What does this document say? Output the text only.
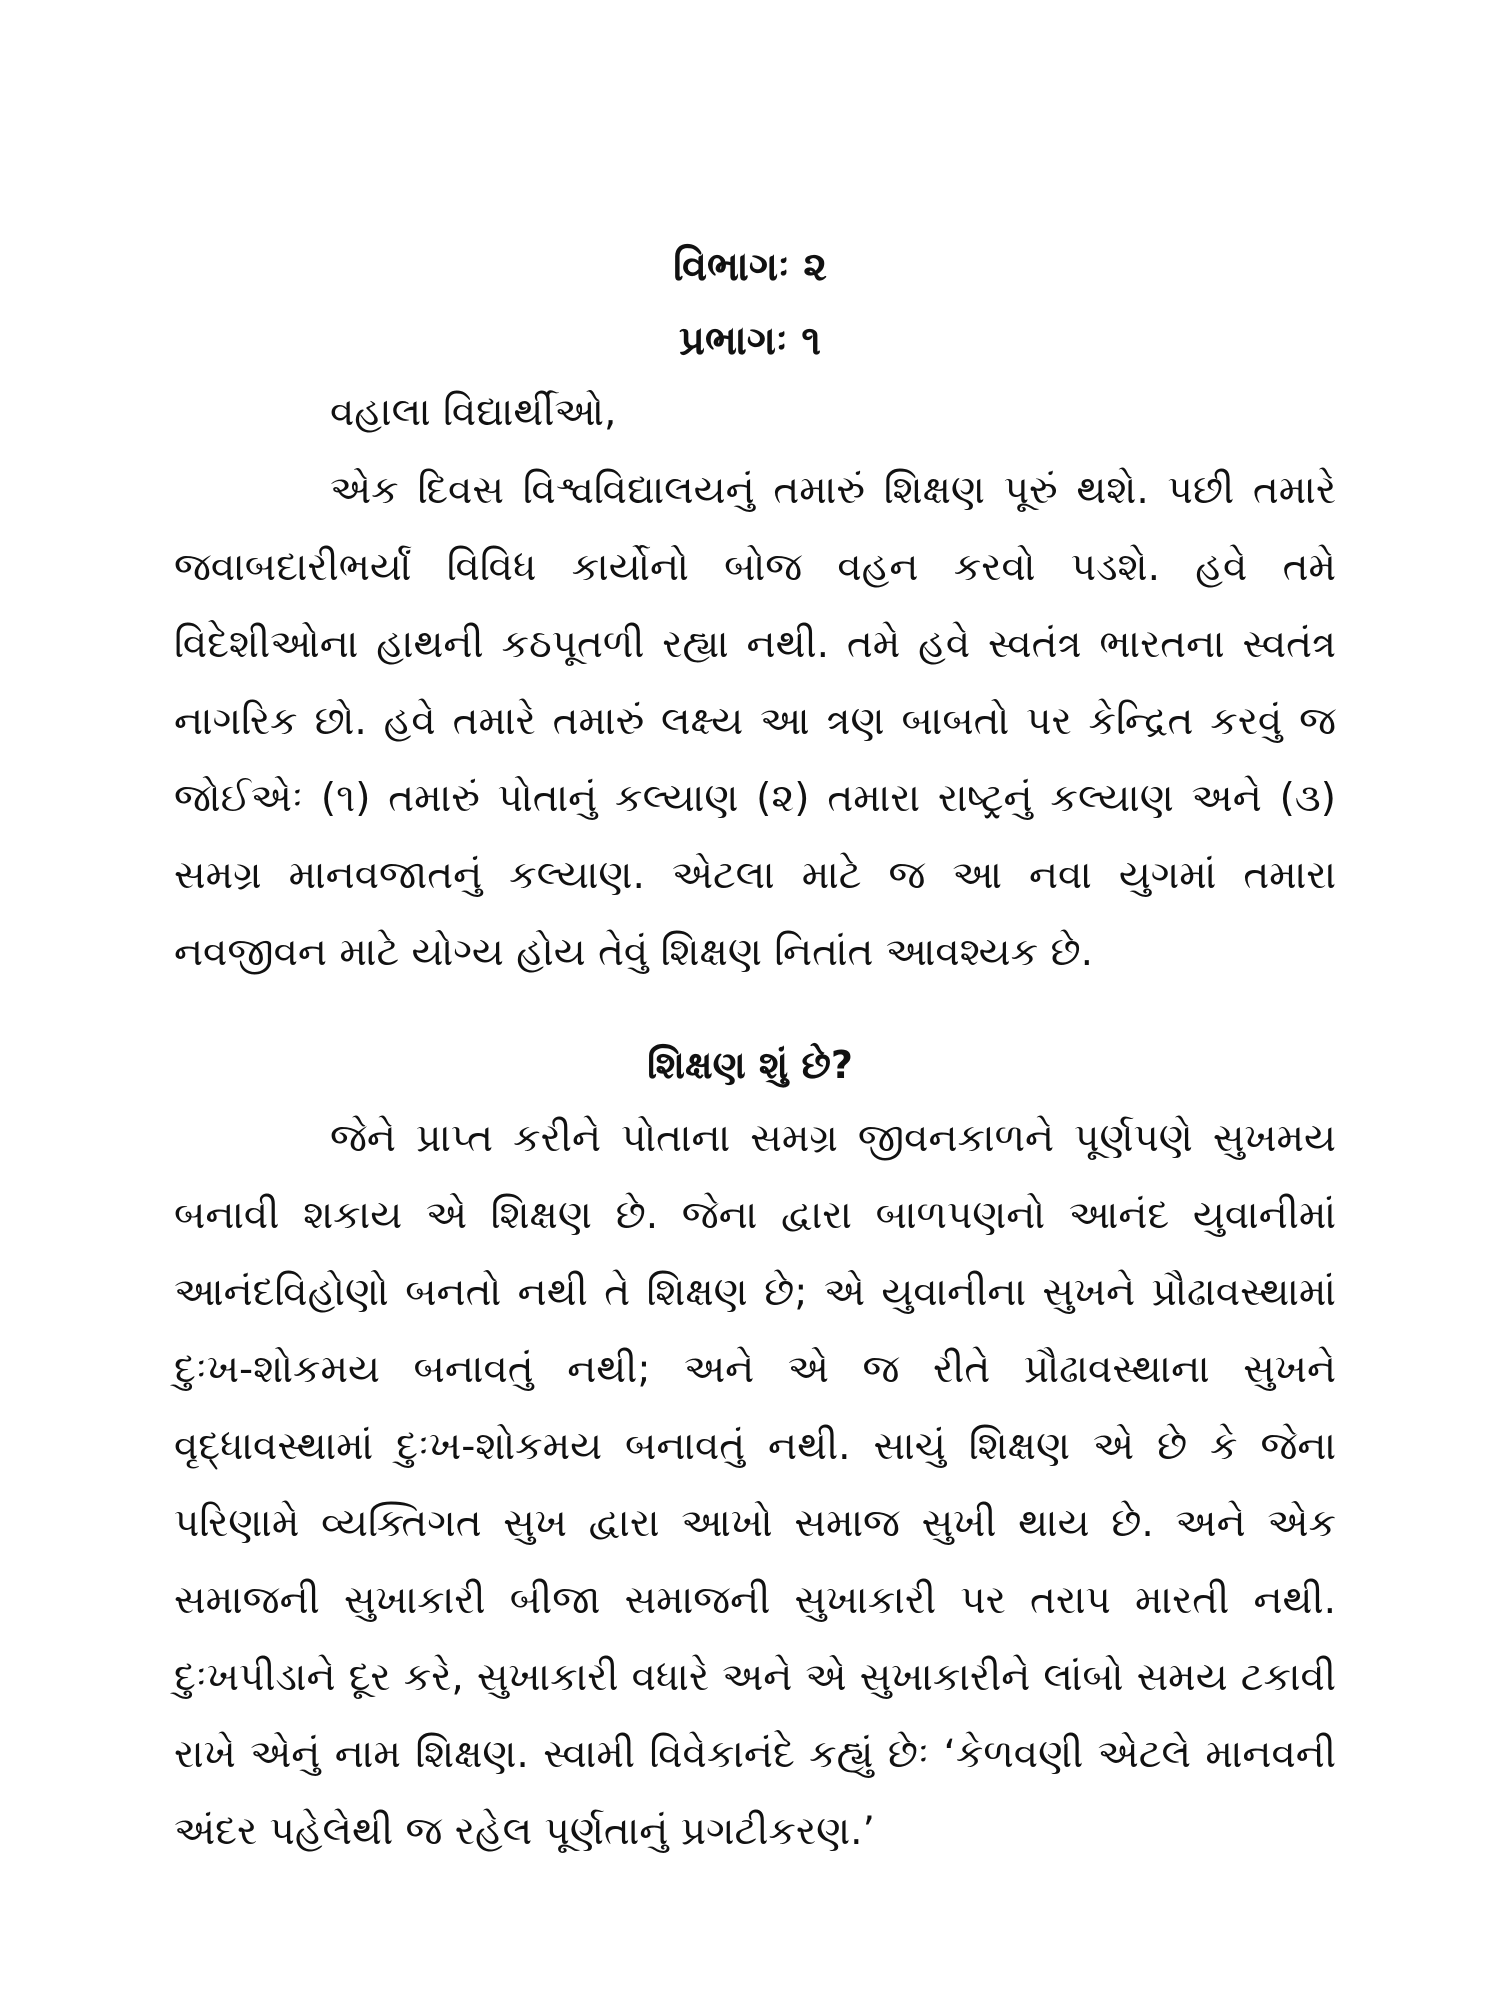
વિભાગઃ ૨
પ્રભાગઃ ૧
વહાલા વિદ્યાર્થીઓ,
એક દિવસ વિશ્વવિદ્યાલયનું તમારું શિક્ષણ પૂરું થશે. પછી તમારે જવાબદારીભર્યાં વિવિધ કાર્યોનો બોજ વહન કરવો પડશે. હવે તમે વિદેશીઓના હાથની કઠપૂતળી રહ્યા નથી. તમે હવે સ્વતંત્ર ભારતના સ્વતંત્ર નાગરિક છો. હવે તમારે તમારું લક્ષ્ય આ ત્રણ બાબતો પર કેન્દ્રિત કરવું જ જોઈએઃ (૧) તમારું પોતાનું કલ્યાણ (૨) તમારા રાષ્ટ્રનું કલ્યાણ અને (૩) સમગ્ર માનવજાતનું કલ્યાણ. એટલા માટે જ આ નવા યુગમાં તમારા નવજીવન માટે યોગ્ય હોય તેવું શિક્ષણ નિતાંત આવશ્યક છે.
શિક્ષણ શું છે?
જેને પ્રાપ્ત કરીને પોતાના સમગ્ર જીવનકાળને પૂર્ણપણે સુખમય બનાવી શકાય એ શિક્ષણ છે. જેના દ્વારા બાળપણનો આનંદ યુવાનીમાં આનંદવિહોણો બનતો નથી તે શિક્ષણ છે; એ યુવાનીના સુખને પ્રૌઢાવસ્થામાં દુઃખ-શોકમય બનાવતું નથી; અને એ જ રીતે પ્રૌઢાવસ્થાના સુખને વૃદ્ધાવસ્થામાં દુઃખ-શોકમય બનાવતું નથી. સાચું શિક્ષણ એ છે કે જેના પરિણામે વ્યક્તિગત સુખ દ્વારા આખો સમાજ સુખી થાય છે. અને એક સમાજની સુખાકારી બીજા સમાજની સુખાકારી પર તરાપ મારતી નથી. દુઃખપીડાને દૂર કરે, સુખાકારી વધારે અને એ સુખાકારીને લાંબો સમય ટકાવી રાખે એનું નામ શિક્ષણ. સ્વામી વિવેકાનંદે કહ્યું છેઃ ‘કેળવણી એટલે માનવની અંદર પહેલેથી જ રહેલ પૂર્ણતાનું પ્રગટીકરણ.’
